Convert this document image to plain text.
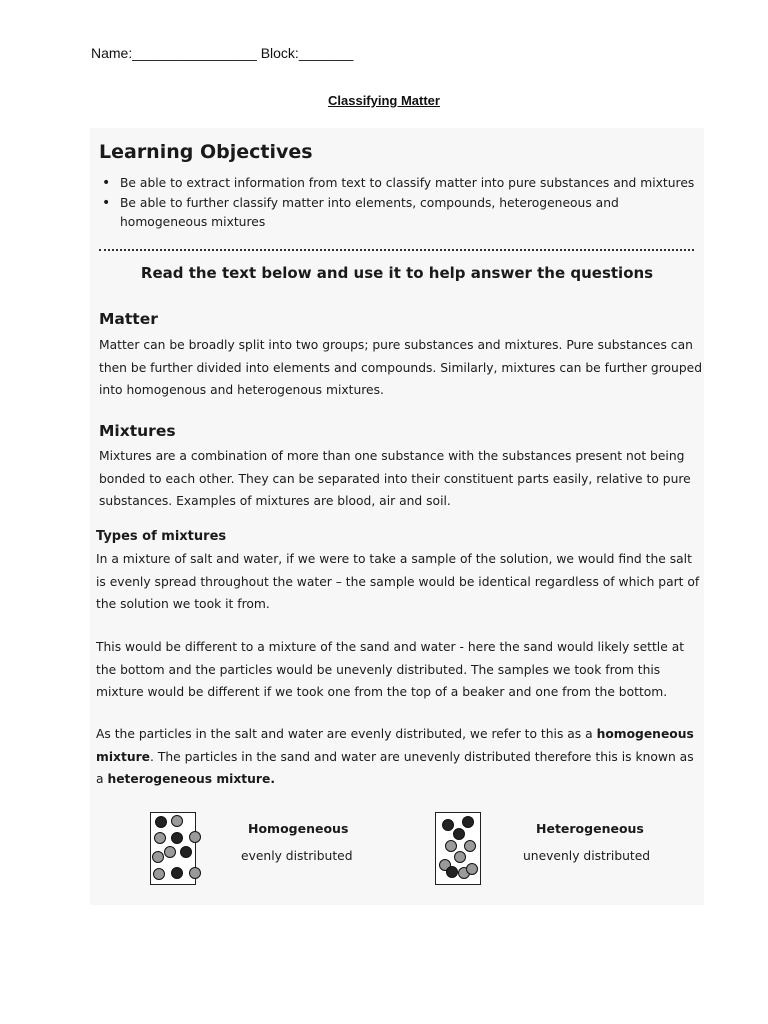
Name:________________ Block:_______
Classifying Matter
Learning Objectives
• Be able to extract information from text to classify matter into pure substances and mixtures
• Be able to further classify matter into elements, compounds, heterogeneous and homogeneous mixtures
Read the text below and use it to help answer the questions
Matter

Matter can be broadly split into two groups; pure substances and mixtures. Pure substances can then be further divided into elements and compounds. Similarly, mixtures can be further grouped into homogenous and heterogenous mixtures.

Mixtures

Mixtures are a combination of more than one substance with the substances present not being bonded to each other. They can be separated into their constituent parts easily, relative to pure substances. Examples of mixtures are blood, air and soil.

Types of mixtures

In a mixture of salt and water, if we were to take a sample of the solution, we would find the salt is evenly spread throughout the water – the sample would be identical regardless of which part of the solution we took it from.

This would be different to a mixture of the sand and water - here the sand would likely settle at the bottom and the particles would be unevenly distributed. The samples we took from this mixture would be different if we took one from the top of a beaker and one from the bottom.

As the particles in the salt and water are evenly distributed, we refer to this as a homogeneous mixture. The particles in the sand and water are unevenly distributed therefore this is known as a heterogeneous mixture.

Homogeneous
evenly distributed
Heterogeneous
unevenly distributed
